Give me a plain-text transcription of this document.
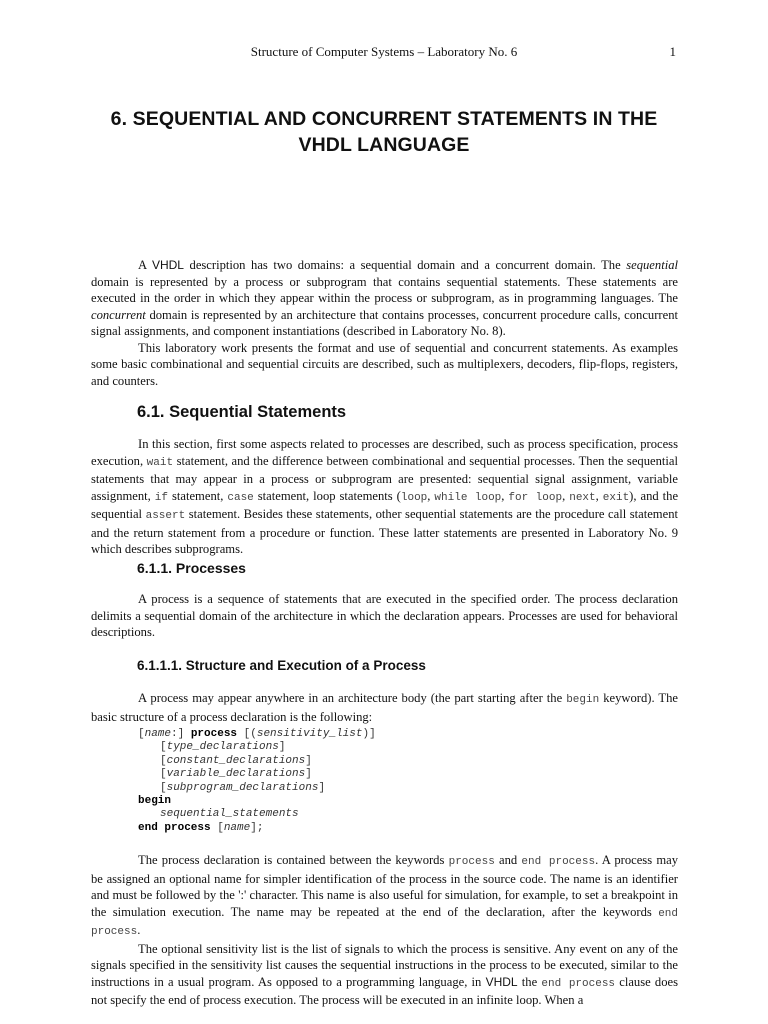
Structure of Computer Systems – Laboratory No. 6	1
6. SEQUENTIAL AND CONCURRENT STATEMENTS IN THE VHDL LANGUAGE

A VHDL description has two domains: a sequential domain and a concurrent domain. The sequential domain is represented by a process or subprogram that contains sequential statements. These statements are executed in the order in which they appear within the process or subprogram, as in programming languages. The concurrent domain is represented by an architecture that contains processes, concurrent procedure calls, concurrent signal assignments, and component instantiations (described in Laboratory No. 8).

This laboratory work presents the format and use of sequential and concurrent statements. As examples some basic combinational and sequential circuits are described, such as multiplexers, decoders, flip-flops, registers, and counters.

6.1. Sequential Statements

In this section, first some aspects related to processes are described, such as process specification, process execution, wait statement, and the difference between combinational and sequential processes. Then the sequential statements that may appear in a process or subprogram are presented: sequential signal assignment, variable assignment, if statement, case statement, loop statements (loop, while loop, for loop, next, exit), and the sequential assert statement. Besides these statements, other sequential statements are the procedure call statement and the return statement from a procedure or function. These latter statements are presented in Laboratory No. 9 which describes subprograms.

6.1.1. Processes

A process is a sequence of statements that are executed in the specified order. The process declaration delimits a sequential domain of the architecture in which the declaration appears. Processes are used for behavioral descriptions.

6.1.1.1. Structure and Execution of a Process

A process may appear anywhere in an architecture body (the part starting after the begin keyword). The basic structure of a process declaration is the following:

[name:] process [(sensitivity_list)]
[type_declarations]
[constant_declarations]
[variable_declarations]
[subprogram_declarations]
begin
sequential_statements
end process [name];

The process declaration is contained between the keywords process and end process. A process may be assigned an optional name for simpler identification of the process in the source code. The name is an identifier and must be followed by the ':' character. This name is also useful for simulation, for example, to set a breakpoint in the simulation execution. The name may be repeated at the end of the declaration, after the keywords end process.

The optional sensitivity list is the list of signals to which the process is sensitive. Any event on any of the signals specified in the sensitivity list causes the sequential instructions in the process to be executed, similar to the instructions in a usual program. As opposed to a programming language, in VHDL the end process clause does not specify the end of process execution. The process will be executed in an infinite loop. When a
